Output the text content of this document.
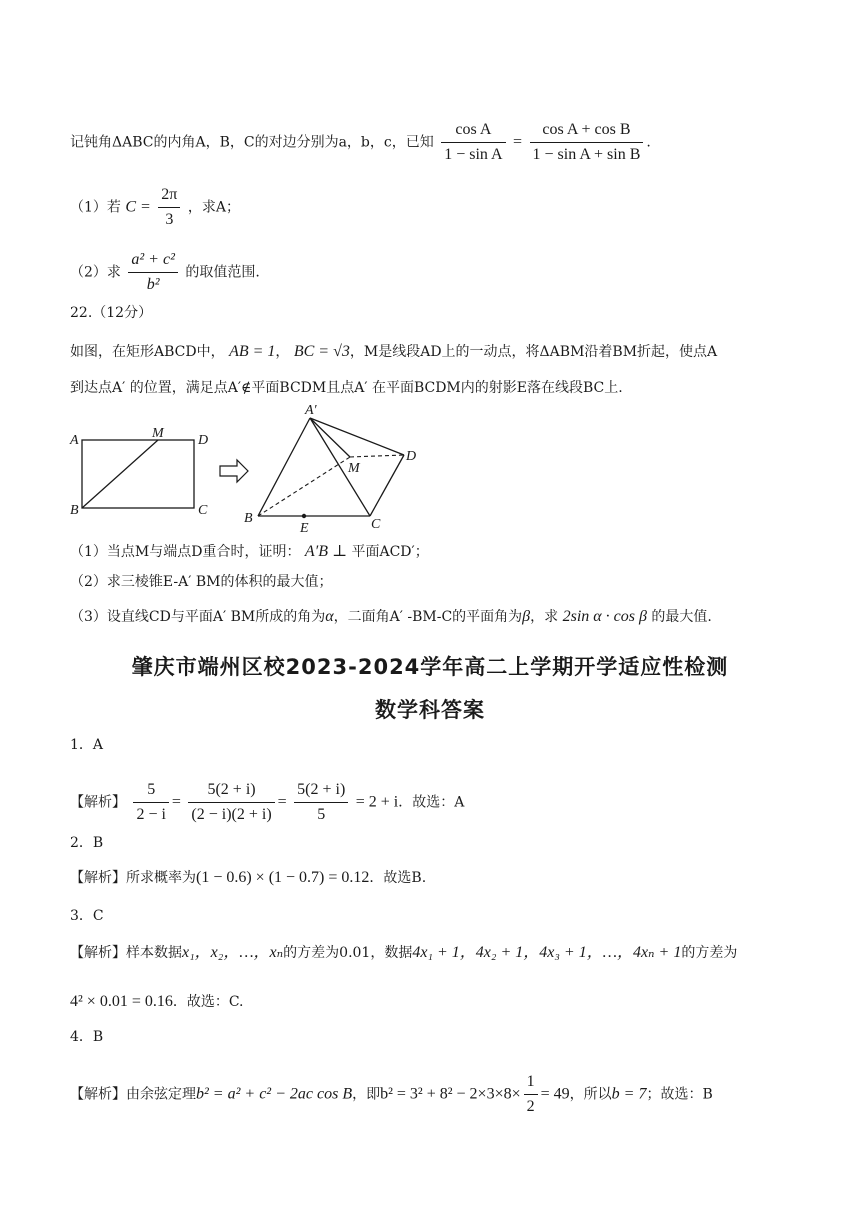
记钝角ΔABC的内角A，B，C的对边分别为a，b，c，已知 $\frac{\text{cos A}}{\text{1 − sin A}} = \frac{\text{cos A + cos B}}{\text{1 − sin A + sin B}}$ .
（1）若 $C = \frac{2\pi}{3}$ ，求A；
（2）求 $\frac{\text{a² + c²}}{\text{b²}}$ 的取值范围.
22.（12分）
如图，在矩形ABCD中， AB = 1， BC = √3，M是线段AD上的一动点，将ΔABM沿着BM折起，使点A
到达点A′ 的位置，满足点A′∉平面BCDM且点A′ 在平面BCDM内的射影E落在线段BC上.
A	M D
B	C
A′
M
D
B
E	C
（1）当点M与端点D重合时，证明： A′B ⊥ 平面ACD′；
（2）求三棱锥E-A′ BM的体积的最大值；
（3）设直线CD与平面A′ BM所成的角为α，二面角A′ -BM-C的平面角为β，求 2sin α · cos β 的最大值.
肇庆市端州区校2023-2024学年高二上学期开学适应性检测
数学科答案
1．A
【解析】 $\frac{5}{2 - i} = \frac{5(2 + i)}{(2 - i)(2 + i)} = \frac{5(2 + i)}{5} = 2 + i$．故选：A
2．B
【解析】所求概率为(1 − 0.6) × (1 − 0.7) = 0.12．故选B.
3．C
【解析】样本数据x₁，x₂，…，xₙ的方差为0.01，数据4x₁ + 1，4x₂ + 1，4x₃ + 1，…，4xₙ + 1的方差为
4² × 0.01 = 0.16．故选：C.
4．B
【解析】由余弦定理b² = a² + c² − 2ac cos B，即$b^2 = 3^2 + 8^2 - 2\times 3\times 8\times \frac{1}{2} = 49$，所以b = 7；故选：B
